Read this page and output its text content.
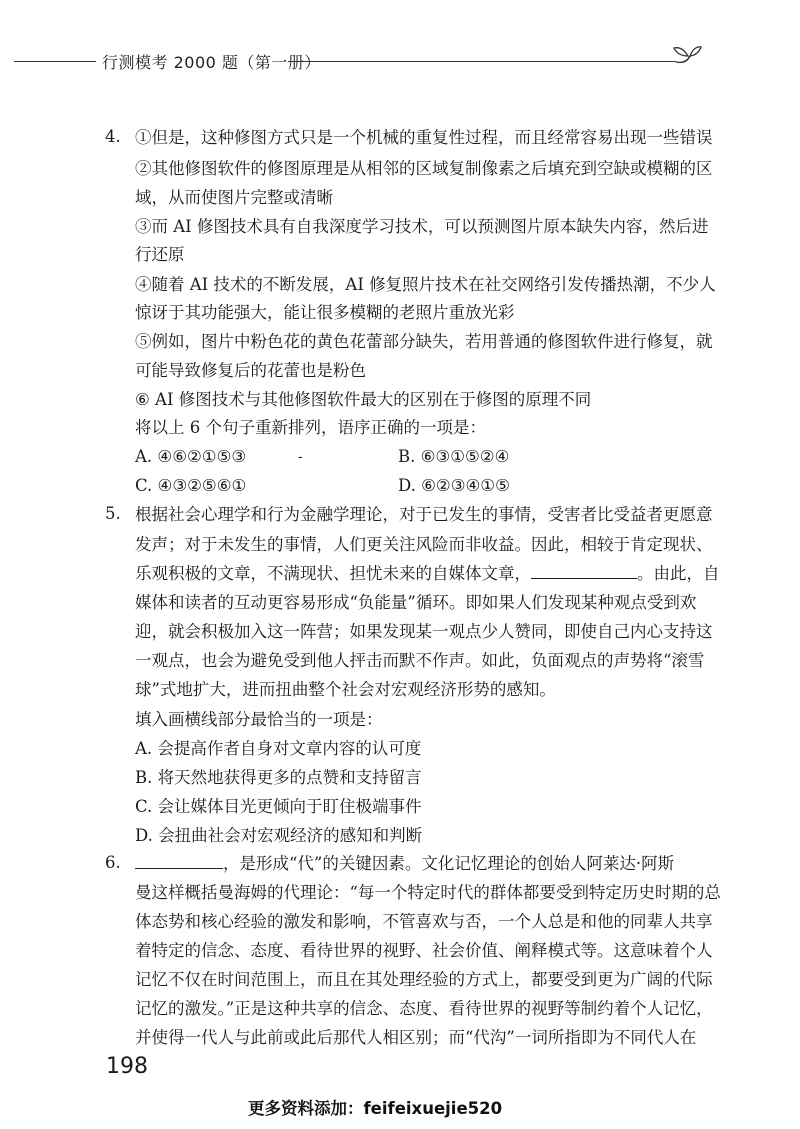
行测模考 2000 题（第一册）
4. ①但是，这种修图方式只是一个机械的重复性过程，而且经常容易出现一些错误
②其他修图软件的修图原理是从相邻的区域复制像素之后填充到空缺或模糊的区
域，从而使图片完整或清晰
③而 AI 修图技术具有自我深度学习技术，可以预测图片原本缺失内容，然后进
行还原
④随着 AI 技术的不断发展，AI 修复照片技术在社交网络引发传播热潮，不少人
惊讶于其功能强大，能让很多模糊的老照片重放光彩
⑤例如，图片中粉色花的黄色花蕾部分缺失，若用普通的修图软件进行修复，就
可能导致修复后的花蕾也是粉色
⑥ AI 修图技术与其他修图软件最大的区别在于修图的原理不同
将以上 6 个句子重新排列，语序正确的一项是：
A. ④⑥②①⑤③	-	B. ⑥③①⑤②④
C. ④③②⑤⑥①	D. ⑥②③④①⑤
5. 根据社会心理学和行为金融学理论，对于已发生的事情，受害者比受益者更愿意
发声；对于未发生的事情，人们更关注风险而非收益。因此，相较于肯定现状、
乐观积极的文章，不满现状、担忧未来的自媒体文章，	。由此，自
媒体和读者的互动更容易形成“负能量”循环。即如果人们发现某种观点受到欢
迎，就会积极加入这一阵营；如果发现某一观点少人赞同，即使自己内心支持这
一观点，也会为避免受到他人抨击而默不作声。如此，负面观点的声势将“滚雪
球”式地扩大，进而扭曲整个社会对宏观经济形势的感知。
填入画横线部分最恰当的一项是：
A. 会提高作者自身对文章内容的认可度
B. 将天然地获得更多的点赞和支持留言
C. 会让媒体目光更倾向于盯住极端事件
D. 会扭曲社会对宏观经济的感知和判断
6.	，是形成“代”的关键因素。文化记忆理论的创始人阿莱达·阿斯
曼这样概括曼海姆的代理论：“每一个特定时代的群体都要受到特定历史时期的总
体态势和核心经验的激发和影响，不管喜欢与否，一个人总是和他的同辈人共享
着特定的信念、态度、看待世界的视野、社会价值、阐释模式等。这意味着个人
记忆不仅在时间范围上，而且在其处理经验的方式上，都要受到更为广阔的代际
记忆的激发。”正是这种共享的信念、态度、看待世界的视野等制约着个人记忆，
并使得一代人与此前或此后那代人相区别；而“代沟”一词所指即为不同代人在
198
更多资料添加：feifeixuejie520
